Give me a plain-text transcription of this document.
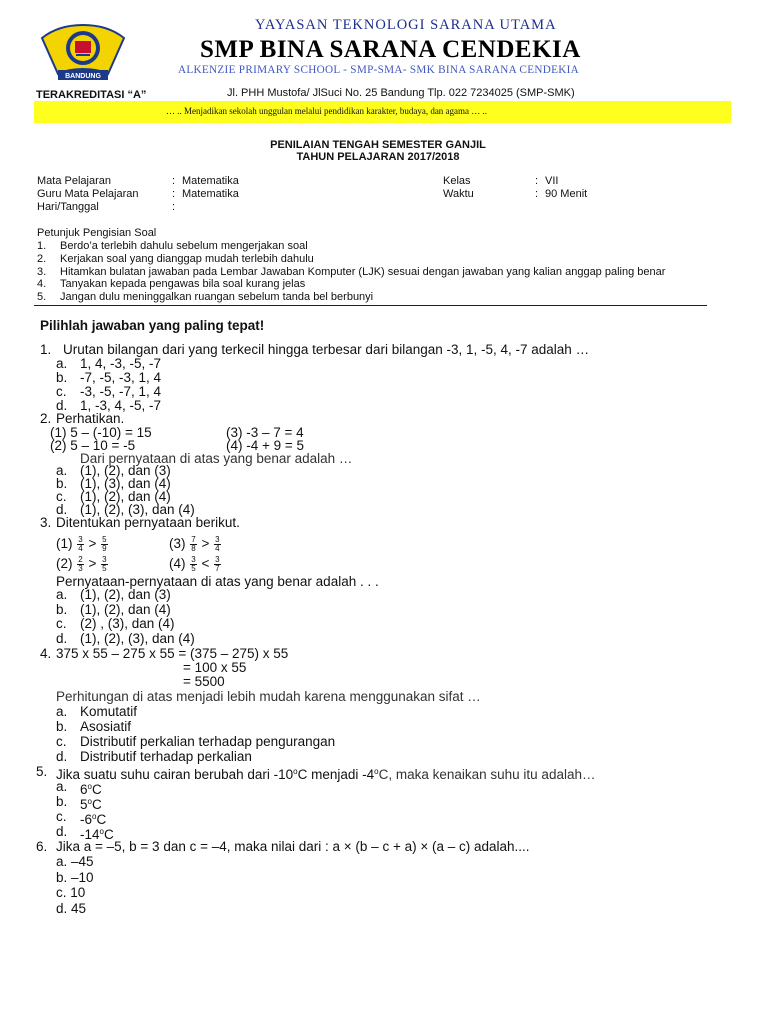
BANDUNG
YAYASAN TEKNOLOGI SARANA UTAMA
SMP BINA SARANA CENDEKIA
ALKENZIE PRIMARY SCHOOL - SMP-SMA- SMK BINA SARANA CENDEKIA
TERAKREDITASI “A”	Jl. PHH Mustofa/ JlSuci No. 25 Bandung Tlp. 022 7234025 (SMP-SMK)
… .. Menjadikan sekolah unggulan melalui pendidikan karakter, budaya, dan agama … ..
PENILAIAN TENGAH SEMESTER GANJIL
TAHUN PELAJARAN 2017/2018
Mata Pelajaran	: Matematika
Guru Mata Pelajaran	: Matematika
Hari/Tanggal	:
Kelas	: VII
Waktu	: 90 Menit
Petunjuk Pengisian Soal
1. Berdo’a terlebih dahulu sebelum mengerjakan soal
2. Kerjakan soal yang dianggap mudah terlebih dahulu
3. Hitamkan bulatan jawaban pada Lembar Jawaban Komputer (LJK) sesuai dengan jawaban yang kalian anggap paling benar
4. Tanyakan kepada pengawas bila soal kurang jelas
5. Jangan dulu meninggalkan ruangan sebelum tanda bel berbunyi
Pilihlah jawaban yang paling tepat!
1. Urutan bilangan dari yang terkecil hingga terbesar dari bilangan -3, 1, -5, 4, -7 adalah …
a. 1, 4, -3, -5, -7
b. -7, -5, -3, 1, 4
c. -3, -5, -7, 1, 4
d. 1, -3, 4, -5, -7
2. Perhatikan.
(1) 5 – (-10) = 15	(3) -3 – 7 = 4
(2) 5 – 10 = -5	(4) -4 + 9 = 5
Dari pernyataan di atas yang benar adalah …
a. (1), (2), dan (3)
b. (1), (3), dan (4)
c. (1), (2), dan (4)
d. (1), (2), (3), dan (4)
3. Ditentukan pernyataan berikut.
$(1) \frac{3}{4} > \frac{5}{9}$	$(3) \frac{7}{8} > \frac{3}{4}$
$(2) \frac{2}{3} > \frac{3}{5}$	$(4) \frac{3}{5} < \frac{3}{7}$
Pernyataan-pernyataan di atas yang benar adalah . . .
a. (1), (2), dan (3)
b. (1), (2), dan (4)
c. (2) , (3), dan (4)
d. (1), (2), (3), dan (4)
4. 375 x 55 – 275 x 55 = (375 – 275) x 55
= 100 x 55
= 5500
Perhitungan di atas menjadi lebih mudah karena menggunakan sifat …
a. Komutatif
b. Asosiatif
c. Distributif perkalian terhadap pengurangan
d. Distributif terhadap perkalian
5. Jika suatu suhu cairan berubah dari -10$^o$C menjadi -4$^o$C, maka kenaikan suhu itu adalah…
a. 6$^o$C
b. 5$^o$C
c. -6$^o$C
d. -14$^o$C
6. Jika a = –5, b = 3 dan c = –4, maka nilai dari : a × (b – c + a) × (a – c) adalah....
a. –45
b. –10
c. 10
d. 45
